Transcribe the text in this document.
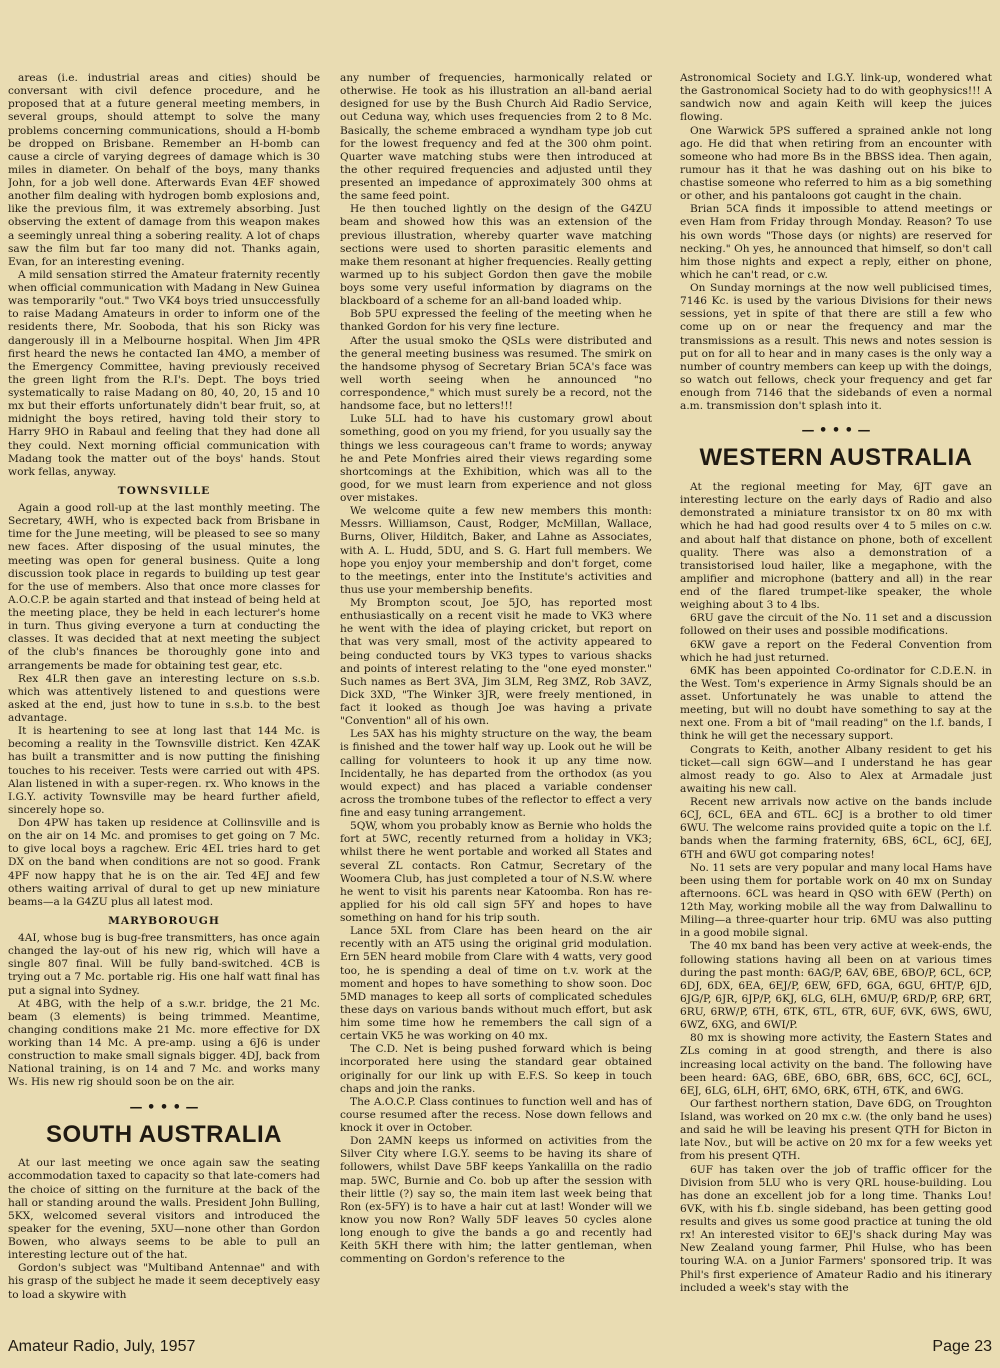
areas (i.e. industrial areas and cities) should be conversant with civil defence procedure, and he proposed that at a future general meeting members, in several groups, should attempt to solve the many problems concerning communications, should a H-bomb be dropped on Brisbane. Remember an H-bomb can cause a circle of varying degrees of damage which is 30 miles in diameter. On behalf of the boys, many thanks John, for a job well done. Afterwards Evan 4EF showed another film dealing with hydrogen bomb explosions and, like the previous film, it was extremely absorbing. Just observing the extent of damage from this weapon makes a seemingly unreal thing a sobering reality. A lot of chaps saw the film but far too many did not. Thanks again, Evan, for an interesting evening.

A mild sensation stirred the Amateur fraternity recently when official communication with Madang in New Guinea was temporarily "out." Two VK4 boys tried unsuccessfully to raise Madang Amateurs in order to inform one of the residents there, Mr. Sooboda, that his son Ricky was dangerously ill in a Melbourne hospital. When Jim 4PR first heard the news he contacted Ian 4MO, a member of the Emergency Committee, having previously received the green light from the R.I's. Dept. The boys tried systematically to raise Madang on 80, 40, 20, 15 and 10 mx but their efforts unfortunately didn't bear fruit, so, at midnight the boys retired, having told their story to Harry 9HO in Rabaul and feeling that they had done all they could. Next morning official communication with Madang took the matter out of the boys' hands. Stout work fellas, anyway.

TOWNSVILLE

Again a good roll-up at the last monthly meeting. The Secretary, 4WH, who is expected back from Brisbane in time for the June meeting, will be pleased to see so many new faces. After disposing of the usual minutes, the meeting was open for general business. Quite a long discussion took place in regards to building up test gear for the use of members. Also that once more classes for A.O.C.P. be again started and that instead of being held at the meeting place, they be held in each lecturer's home in turn. Thus giving everyone a turn at conducting the classes. It was decided that at next meeting the subject of the club's finances be thoroughly gone into and arrangements be made for obtaining test gear, etc.

Rex 4LR then gave an interesting lecture on s.s.b. which was attentively listened to and questions were asked at the end, just how to tune in s.s.b. to the best advantage.

It is heartening to see at long last that 144 Mc. is becoming a reality in the Townsville district. Ken 4ZAK has built a transmitter and is now putting the finishing touches to his receiver. Tests were carried out with 4PS. Alan listened in with a super-regen. rx. Who knows in the I.G.Y. activity Townsville may be heard further afield, sincerely hope so.

Don 4PW has taken up residence at Collinsville and is on the air on 14 Mc. and promises to get going on 7 Mc. to give local boys a ragchew. Eric 4EL tries hard to get DX on the band when conditions are not so good. Frank 4PF now happy that he is on the air. Ted 4EJ and few others waiting arrival of dural to get up new miniature beams—a la G4ZU plus all latest mod.

MARYBOROUGH

4AI, whose bug is bug-free transmitters, has once again changed the lay-out of his new rig, which will have a single 807 final. Will be fully band-switched. 4CB is trying out a 7 Mc. portable rig. His one half watt final has put a signal into Sydney.

At 4BG, with the help of a s.w.r. bridge, the 21 Mc. beam (3 elements) is being trimmed. Meantime, changing conditions make 21 Mc. more effective for DX working than 14 Mc. A pre-amp. using a 6J6 is under construction to make small signals bigger. 4DJ, back from National training, is on 14 and 7 Mc. and works many Ws. His new rig should soon be on the air.

— • • • —
SOUTH AUSTRALIA

At our last meeting we once again saw the seating accommodation taxed to capacity so that late-comers had the choice of sitting on the furniture at the back of the hall or standing around the walls. President John Bulling, 5KX, welcomed several visitors and introduced the speaker for the evening, 5XU—none other than Gordon Bowen, who always seems to be able to pull an interesting lecture out of the hat.

Gordon's subject was "Multiband Antennae" and with his grasp of the subject he made it seem deceptively easy to load a skywire with

any number of frequencies, harmonically related or otherwise. He took as his illustration an all-band aerial designed for use by the Bush Church Aid Radio Service, out Ceduna way, which uses frequencies from 2 to 8 Mc. Basically, the scheme embraced a wyndham type job cut for the lowest frequency and fed at the 300 ohm point. Quarter wave matching stubs were then introduced at the other required frequencies and adjusted until they presented an impedance of approximately 300 ohms at the same feed point.

He then touched lightly on the design of the G4ZU beam and showed how this was an extension of the previous illustration, whereby quarter wave matching sections were used to shorten parasitic elements and make them resonant at higher frequencies. Really getting warmed up to his subject Gordon then gave the mobile boys some very useful information by diagrams on the blackboard of a scheme for an all-band loaded whip.

Bob 5PU expressed the feeling of the meeting when he thanked Gordon for his very fine lecture.

After the usual smoko the QSLs were distributed and the general meeting business was resumed. The smirk on the handsome physog of Secretary Brian 5CA's face was well worth seeing when he announced "no correspondence," which must surely be a record, not the handsome face, but no letters!!!

Luke 5LL had to have his customary growl about something, good on you my friend, for you usually say the things we less courageous can't frame to words; anyway he and Pete Monfries aired their views regarding some shortcomings at the Exhibition, which was all to the good, for we must learn from experience and not gloss over mistakes.

We welcome quite a few new members this month: Messrs. Williamson, Caust, Rodger, McMillan, Wallace, Burns, Oliver, Hilditch, Baker, and Lahne as Associates, with A. L. Hudd, 5DU, and S. G. Hart full members. We hope you enjoy your membership and don't forget, come to the meetings, enter into the Institute's activities and thus use your membership benefits.

My Brompton scout, Joe 5JO, has reported most enthusiastically on a recent visit he made to VK3 where he went with the idea of playing cricket, but report on that was very small, most of the activity appeared to being conducted tours by VK3 types to various shacks and points of interest relating to the "one eyed monster." Such names as Bert 3VA, Jim 3LM, Reg 3MZ, Rob 3AVZ, Dick 3XD, "The Winker 3JR, were freely mentioned, in fact it looked as though Joe was having a private "Convention" all of his own.

Les 5AX has his mighty structure on the way, the beam is finished and the tower half way up. Look out he will be calling for volunteers to hook it up any time now. Incidentally, he has departed from the orthodox (as you would expect) and has placed a variable condenser across the trombone tubes of the reflector to effect a very fine and easy tuning arrangement.

5QW, whom you probably know as Bernie who holds the fort at 5WC, recently returned from a holiday in VK3; whilst there he went portable and worked all States and several ZL contacts. Ron Catmur, Secretary of the Woomera Club, has just completed a tour of N.S.W. where he went to visit his parents near Katoomba. Ron has re-applied for his old call sign 5FY and hopes to have something on hand for his trip south.

Lance 5XL from Clare has been heard on the air recently with an AT5 using the original grid modulation. Ern 5EN heard mobile from Clare with 4 watts, very good too, he is spending a deal of time on t.v. work at the moment and hopes to have something to show soon. Doc 5MD manages to keep all sorts of complicated schedules these days on various bands without much effort, but ask him some time how he remembers the call sign of a certain VK5 he was working on 40 mx.

The C.D. Net is being pushed forward which is being incorporated here using the standard gear obtained originally for our link up with E.F.S. So keep in touch chaps and join the ranks.

The A.O.C.P. Class continues to function well and has of course resumed after the recess. Nose down fellows and knock it over in October.

Don 2AMN keeps us informed on activities from the Silver City where I.G.Y. seems to be having its share of followers, whilst Dave 5BF keeps Yankalilla on the radio map. 5WC, Burnie and Co. bob up after the session with their little (?) say so, the main item last week being that Ron (ex-5FY) is to have a hair cut at last! Wonder will we know you now Ron? Wally 5DF leaves 50 cycles alone long enough to give the bands a go and recently had Keith 5KH there with him; the latter gentleman, when commenting on Gordon's reference to the

Astronomical Society and I.G.Y. link-up, wondered what the Gastronomical Society had to do with geophysics!!! A sandwich now and again Keith will keep the juices flowing.

One Warwick 5PS suffered a sprained ankle not long ago. He did that when retiring from an encounter with someone who had more Bs in the BBSS idea. Then again, rumour has it that he was dashing out on his bike to chastise someone who referred to him as a big something or other, and his pantaloons got caught in the chain.

Brian 5CA finds it impossible to attend meetings or even Ham from Friday through Monday. Reason? To use his own words "Those days (or nights) are reserved for necking." Oh yes, he announced that himself, so don't call him those nights and expect a reply, either on phone, which he can't read, or c.w.

On Sunday mornings at the now well publicised times, 7146 Kc. is used by the various Divisions for their news sessions, yet in spite of that there are still a few who come up on or near the frequency and mar the transmissions as a result. This news and notes session is put on for all to hear and in many cases is the only way a number of country members can keep up with the doings, so watch out fellows, check your frequency and get far enough from 7146 that the sidebands of even a normal a.m. transmission don't splash into it.

— • • • —
WESTERN AUSTRALIA

At the regional meeting for May, 6JT gave an interesting lecture on the early days of Radio and also demonstrated a miniature transistor tx on 80 mx with which he had had good results over 4 to 5 miles on c.w. and about half that distance on phone, both of excellent quality. There was also a demonstration of a transistorised loud hailer, like a megaphone, with the amplifier and microphone (battery and all) in the rear end of the flared trumpet-like speaker, the whole weighing about 3 to 4 lbs.

6RU gave the circuit of the No. 11 set and a discussion followed on their uses and possible modifications.

6KW gave a report on the Federal Convention from which he had just returned.

6MK has been appointed Co-ordinator for C.D.E.N. in the West. Tom's experience in Army Signals should be an asset. Unfortunately he was unable to attend the meeting, but will no doubt have something to say at the next one. From a bit of "mail reading" on the l.f. bands, I think he will get the necessary support.

Congrats to Keith, another Albany resident to get his ticket—call sign 6GW—and I understand he has gear almost ready to go. Also to Alex at Armadale just awaiting his new call.

Recent new arrivals now active on the bands include 6CJ, 6CL, 6EA and 6TL. 6CJ is a brother to old timer 6WU. The welcome rains provided quite a topic on the l.f. bands when the farming fraternity, 6BS, 6CL, 6CJ, 6EJ, 6TH and 6WU got comparing notes!

No. 11 sets are very popular and many local Hams have been using them for portable work on 40 mx on Sunday afternoons. 6CL was heard in QSO with 6EW (Perth) on 12th May, working mobile all the way from Dalwallinu to Miling—a three-quarter hour trip. 6MU was also putting in a good mobile signal.

The 40 mx band has been very active at week-ends, the following stations having all been on at various times during the past month: 6AG/P, 6AV, 6BE, 6BO/P, 6CL, 6CP, 6DJ, 6DX, 6EA, 6EJ/P, 6EW, 6FD, 6GA, 6GU, 6HT/P, 6JD, 6JG/P, 6JR, 6JP/P, 6KJ, 6LG, 6LH, 6MU/P, 6RD/P, 6RP, 6RT, 6RU, 6RW/P, 6TH, 6TK, 6TL, 6TR, 6UF, 6VK, 6WS, 6WU, 6WZ, 6XG, and 6WI/P.

80 mx is showing more activity, the Eastern States and ZLs coming in at good strength, and there is also increasing local activity on the band. The following have been heard: 6AG, 6BE, 6BO, 6BR, 6BS, 6CC, 6CJ, 6CL, 6EJ, 6LG, 6LH, 6HT, 6MO, 6RK, 6TH, 6TK, and 6WG.

Our farthest northern station, Dave 6DG, on Troughton Island, was worked on 20 mx c.w. (the only band he uses) and said he will be leaving his present QTH for Bicton in late Nov., but will be active on 20 mx for a few weeks yet from his present QTH.

6UF has taken over the job of traffic officer for the Division from 5LU who is very QRL house-building. Lou has done an excellent job for a long time. Thanks Lou! 6VK, with his f.b. single sideband, has been getting good results and gives us some good practice at tuning the old rx! An interested visitor to 6EJ's shack during May was New Zealand young farmer, Phil Hulse, who has been touring W.A. on a Junior Farmers' sponsored trip. It was Phil's first experience of Amateur Radio and his itinerary included a week's stay with the

Amateur Radio, July, 1957	Page 23
